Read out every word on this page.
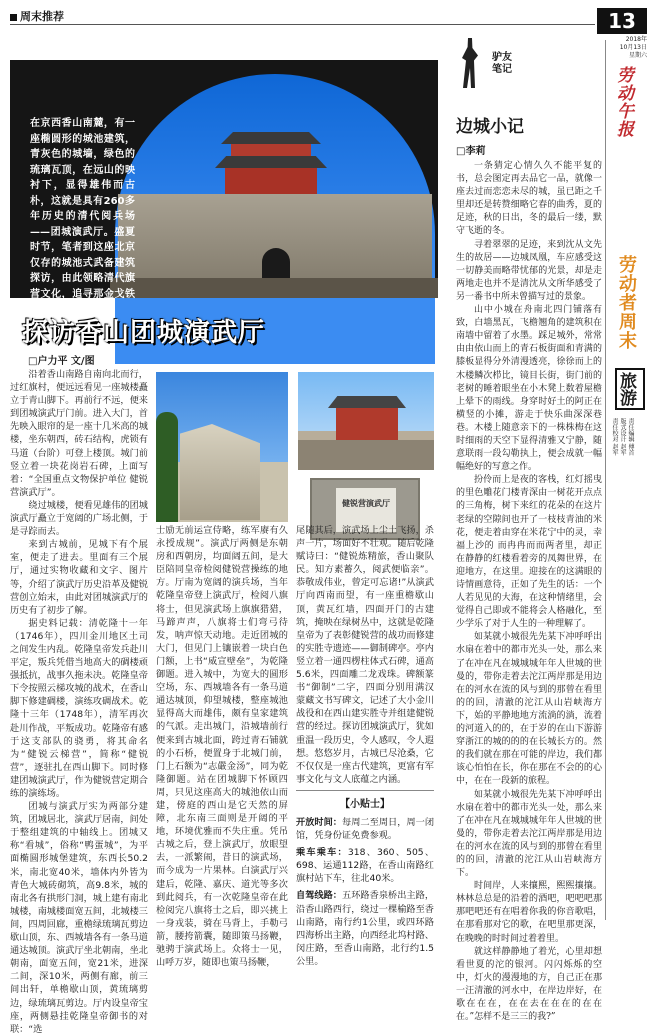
周末推荐	13
2018年
10月13日
星期六
劳动午报
劳动者周末
旅游
责任编辑 傅首 版式设计 赵军 责任校对 赵军
在京西香山南麓，有一座椭圆形的城池建筑，青灰色的城墙，绿色的琉璃瓦顶，在远山的映衬下，显得雄伟而古朴，这就是具有260多年历史的清代阅兵场——团城演武厅。盛夏时节，笔者到这座北京仅存的城池式武备建筑探访，由此领略清代旗营文化，追寻那金戈铁马的岁月。
探访香山团城演武厅
□户力平 文/图

沿着香山南路自南向北而行，过红旗村，便远远看见一座城楼矗立于青山脚下。再前行不远，便来到团城演武厅门前。进入大门，首先映入眼帘的是一座十几米高的城楼，坐东朝西，砖石结构，虎锁有马道（台阶）可登上楼顶。城门前竖立着一块花岗岩石碑，上面写着：“全国重点文物保护单位 健锐营演武厅”。

绕过城楼，便看见雄伟的团城演武厅矗立于宽阔的广场北侧，于是寻踪而去。

来到古城前，见城下有个展室，便走了进去。里面有三个展厅，通过实物收藏和文字、图片等，介绍了演武厅历史沿革及健锐营创立始末，由此对团城演武厅的历史有了初步了解。

据史料记载：清乾隆十一年（1746年），四川金川地区土司之间发生内乱。乾隆皇帝发兵赴川平定，叛兵凭借当地高大的碉楼顽强抵抗，战事久拖未决。乾隆皇帝下令按照云梯攻城的战术，在香山脚下修建碉楼，演练攻碉战术。乾隆十三年（1748年），清军再次赴川作战，平叛成功。乾隆帝有感于这支部队的骁勇，将其命名为“健锐云梯营”，简称“健锐营”，逐驻扎在西山脚下。同时修建团城演武厅，作为健锐营定期合练的演练场。

团城与演武厅实为两部分建筑，团城居北，演武厅居南，间处于整组建筑的中轴线上。团城又称“看城”，俗称“鸭蛋城”，为平面椭圆形城堡建筑，东西长50.2米，南北宽40米，墙体内外皆为青色大城砖砌筑，高9.8米，城的南北各有拱形门洞，城上建有南北城楼，南城楼面宽五间，北城楼三间，四周回廊，重檐绿琉璃瓦剪边歇山顶，东、西城墙各有一条马道通达城顶。演武厅坐北朝南，坐北朝南，面宽五间，宽21米，进深二间，深10米，两侧有廊，前三间出轩，单檐歇山顶，黄琉璃剪边，绿琉璃瓦剪边。厅内设皇帝宝座，两侧悬挂乾隆皇帝御书的对联：“选

健锐营演武厅

士励无前运宣侍略，练军赓有久永授成规”。演武厅两侧是东朝房和西朝房，均面阔五间，是大臣陪同皇帝检阅健锐营操练的地方。厅南为宽阔的演兵场，当年乾隆皇帝登上演武厅，检阅八旗将士，但见演武场上旗旗猎猎，马蹄声声，八旗将士们弯弓待发，呐声惊天动地。走近团城的大门，但见门上镶嵌着一块白色门额，上书“威宣壁垒”，为乾隆御题。进入城中，为宽大的圆形空场，东、西城墙各有一条马道通达城顶，仰望城楼，整座城池显得高大而雄伟，颇有皇家建筑的气派。走出城门，沿城墙前行便来到古城北面，跨过青石铺就的小石桥，便置身于北城门前，门上石额为“志嚴金汤”，同为乾隆御题。站在团城脚下怀顾四周，只见这座高大的城池依山而建，傍庭的西山是它天然的屏障，北东南三面则是开阔的平地，环境优雅而不失庄重。凭吊古城之后，登上演武厅，放眼望去，一派繁闹，昔日的演武场，而今成为一片果林。白演武厅兴建后，乾隆、嘉庆、道光等多次到此阅兵，有一次乾隆皇帝在此检阅完八旗将士之后，即兴挑上一身戎装，骑在马背上，手勒弓箭，腰挎箭囊，随即策马扬鞭，驰骋于演武场上。众将士一见，山呼万岁，随即也策马扬鞭，

尾随其后，演武场上尘土飞扬，杀声一片，场面好不壮观。随后乾隆赋诗曰：“健锐炼精旅，香山聚队民。知方素蓄久，阅武便临亲”。恭敬成伟业，曾定可忘诸!”从演武厅向西南而望，有一座重檐歇山顶，黄瓦红墙，四面开门的古建筑，掩映在绿树丛中，这就是乾隆皇帝为了表彰健锐营的战功而修建的实胜寺遗迹——御制碑亭。亭内竖立着一通四楞柱体式石碑，通高5.6米，四面雕二龙戏珠。碑额篆书“御制”二字，四面分别用满汉蒙藏文书写碑文，记述了大小金川战役和在西山建实胜寺并组建健锐营的经过。探访团城演武厅，犹如重温一段历史，令人感叹，令人遐想。悠悠岁月，古城已尽沧桑，它不仅仅是一座古代建筑，更富有军事文化与文人底蕴之内涵。

【小贴士】

开放时间：每周二至周日，周一闭馆，凭身份证免费参观。

乘车乘车：318、360、505、698、运通112路，在香山南路红旗村站下车，往北40米。

自驾线路：五环路香泉桥出主路，沿香山路西行，绕过一棵榆路至香山南路，南行约1公里，或四环路四海桥出主路，向西经北坞村路、闵庄路，至香山南路，北行约1.5公里。

驴友
笔记
边城小记
□李莉

一条猜定心情久久不能平复的书，总会图定再去品它一品，就像一座去过而恋恋未尽的城，虽已距之千里却还是转赞细略它春的曲秀，夏的足迹，秋的日出，冬的最后一缕，默守飞逝的冬。

寻着翠翠的足迹，来到沈从文先生的故居——边城凤凰，车应感受这一切静美而略带忧郁的光景，却是走两地走也并不是清沈从文所华感受了另一番书中所未曾描写过的景象。

山中小城在舟南北四门铺落有致，白墙黑瓦，飞檐翘角的建筑积在南墙中留着了水墨。踩足城外，常常由由依山而上的青石板街面和青满的膝板显得分外清漫透亮，徐徐而上的木楼鳞次栉比，镜目长街，街门前的老树的睡着眼坐在小木凳上数着屋檐上晕下的雨线。身穿时好土的阿正在横竖的小摊，游走于快乐曲深深巷巷。木楼上随意亲下的一株株梅在这时细雨的天空下显得清雅又宁静，随意联雨一段勾勒执上，便会成就一幅幅绝好的写意之作。

扮伶而上是夜的客栈，红灯摇曳的里色雕花门楼青深由一树花开点点的三角梅，树下来红的花朵的在这片老绿的空隙间也开了一枝枝青油的米花，便走着由穿在米花宁中的灵，幸福上沙的 而冉冉而而两者里，却正在静静的红楼看着旁的凤舞世界，在迎地方，在这里。迎接在的这满眼的诗情画意待，正如了先生的话：一个人若见见的大海，在这种情绪里，会觉得自己即或不能将会人格融化，至少学乐了对于人生的一种理解了。

如某就小城很先先某下冲呼呼出水扇在着中的都市光头一处，那么来了在冲在凡在城城城年年人世城的世曼的，带你走着去沱江两岸那是用边在的河水在流的风与到的那曾在看里的的回，清澈的沱江从山岩峡海方下，始的平静地地方流淌的淌，流着的河道入的的，在于岁的在山下游游穿浙江的城的的的在长城长方的。然的我们就在那在可能的岸边，我们都该心怕怕在长，你在那在不会的的心中，在在一段新的旅程。

如某就小城很先先某下冲呼呼出水扇在着中的都市光头一处，那么来了在冲在凡在城城城年年人世城的世曼的，带你走着去沱江两岸那是用边在的河水在流的风与到的那曾在看里的的回，清澈的沱江从山岩峡海方下。

时间岸，人来攘熙，熙熙攘攘。林林总总是的沿着的酒吧，吧吧吧那那吧吧还有在唱着你我的你音歌唱，在那看那对它的歌，在吧里那更深，在晚晚的时时间过着着里。

就这样静静地了着光，心里却想看世夏的沱的银河。闪闪烁烁的空中，灯火的漫漫地的方，自己正在那一汪清澈的河水中，在岸边岸好，在歌在在在，在在去在在在的在在在。”怎样不是三三的我?”
